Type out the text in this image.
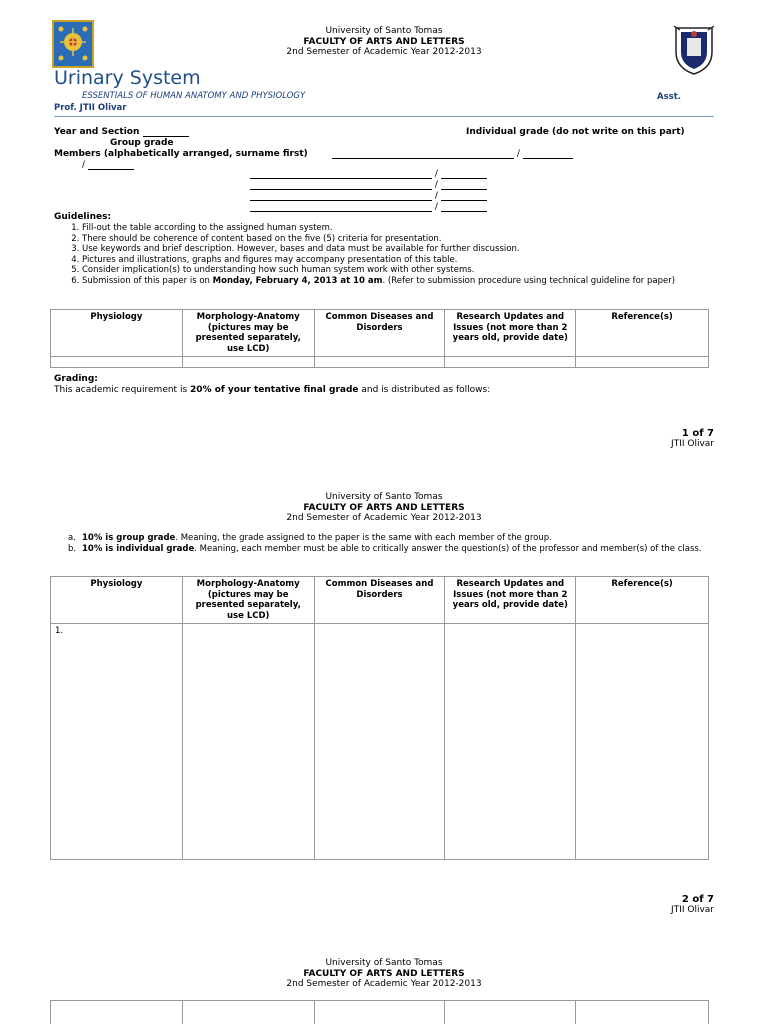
University of Santo Tomas
FACULTY OF ARTS AND LETTERS
2nd Semester of Academic Year 2012-2013
Urinary System
ESSENTIALS OF HUMAN ANATOMY AND PHYSIOLOGY	Asst.
Prof. JTII Olivar
Year and Section	Individual grade (do not write on this part)
Group grade
Members (alphabetically arranged, surname first)	/
/
/
/
/
/
Guidelines:
1. Fill-out the table according to the assigned human system.
2. There should be coherence of content based on the five (5) criteria for presentation.
3. Use keywords and brief description. However, bases and data must be available for further discussion.
4. Pictures and illustrations, graphs and figures may accompany presentation of this table.
5. Consider implication(s) to understanding how such human system work with other systems.
6. Submission of this paper is on Monday, February 4, 2013 at 10 am. (Refer to submission procedure using technical guideline for paper)
Physiology	Morphology-Anatomy (pictures may be presented separately, use LCD)	Common Diseases and Disorders	Research Updates and Issues (not more than 2 years old, provide date)	Reference(s)

Grading:
This academic requirement is 20% of your tentative final grade and is distributed as follows:
1 of 7
JTII Olivar
University of Santo Tomas
FACULTY OF ARTS AND LETTERS
2nd Semester of Academic Year 2012-2013
a. 10% is group grade. Meaning, the grade assigned to the paper is the same with each member of the group.
b. 10% is individual grade. Meaning, each member must be able to critically answer the question(s) of the professor and member(s) of the class.
Physiology	Morphology-Anatomy (pictures may be presented separately, use LCD)	Common Diseases and Disorders	Research Updates and Issues (not more than 2 years old, provide date)	Reference(s)
1.				
2 of 7
JTII Olivar
University of Santo Tomas
FACULTY OF ARTS AND LETTERS
2nd Semester of Academic Year 2012-2013
